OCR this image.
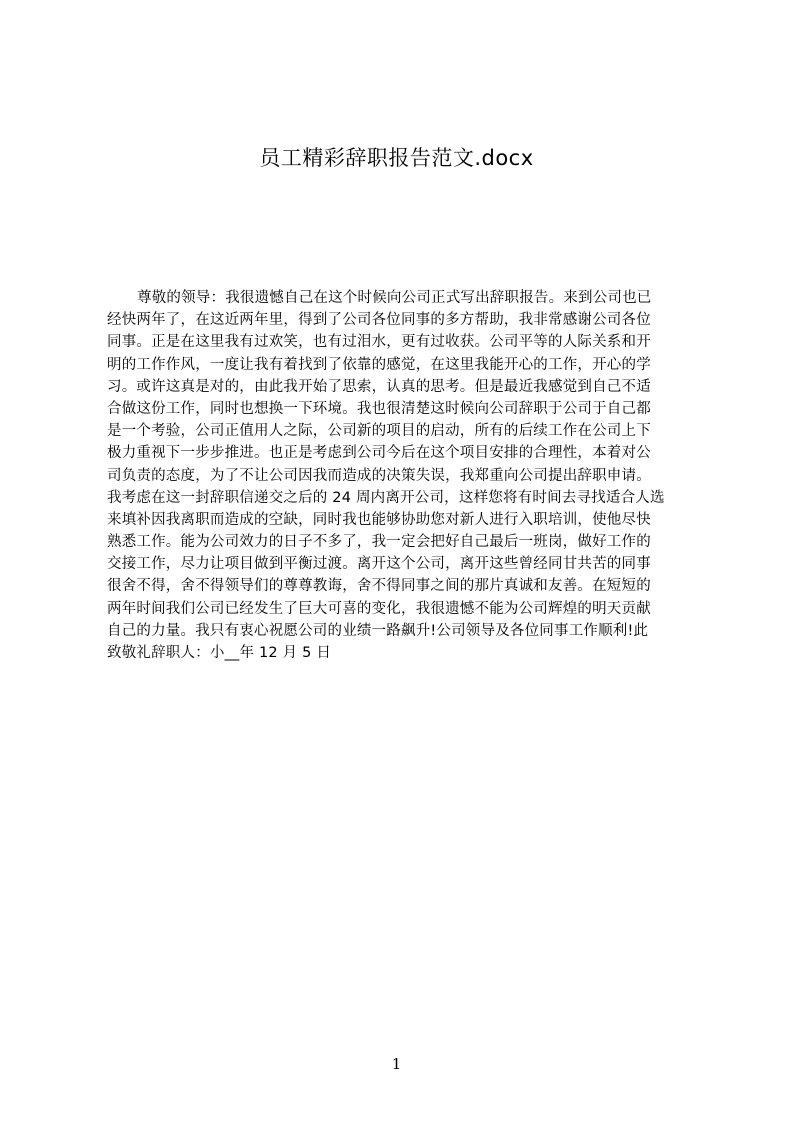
员工精彩辞职报告范文.docx
尊敬的领导：我很遗憾自己在这个时候向公司正式写出辞职报告。来到公司也已
经快两年了，在这近两年里，得到了公司各位同事的多方帮助，我非常感谢公司各位
同事。正是在这里我有过欢笑，也有过泪水，更有过收获。公司平等的人际关系和开
明的工作作风，一度让我有着找到了依靠的感觉，在这里我能开心的工作，开心的学
习。或许这真是对的，由此我开始了思索，认真的思考。但是最近我感觉到自己不适
合做这份工作，同时也想换一下环境。我也很清楚这时候向公司辞职于公司于自己都
是一个考验，公司正值用人之际，公司新的项目的启动，所有的后续工作在公司上下
极力重视下一步步推进。也正是考虑到公司今后在这个项目安排的合理性，本着对公
司负责的态度，为了不让公司因我而造成的决策失误，我郑重向公司提出辞职申请。
我考虑在这一封辞职信递交之后的 24 周内离开公司，这样您将有时间去寻找适合人选
来填补因我离职而造成的空缺，同时我也能够协助您对新人进行入职培训，使他尽快
熟悉工作。能为公司效力的日子不多了，我一定会把好自己最后一班岗，做好工作的
交接工作，尽力让项目做到平衡过渡。离开这个公司，离开这些曾经同甘共苦的同事
很舍不得，舍不得领导们的尊尊教诲，舍不得同事之间的那片真诚和友善。在短短的
两年时间我们公司已经发生了巨大可喜的变化，我很遗憾不能为公司辉煌的明天贡献
自己的力量。我只有衷心祝愿公司的业绩一路飙升!公司领导及各位同事工作顺利!此
致敬礼辞职人：小__年 12 月 5 日
1
